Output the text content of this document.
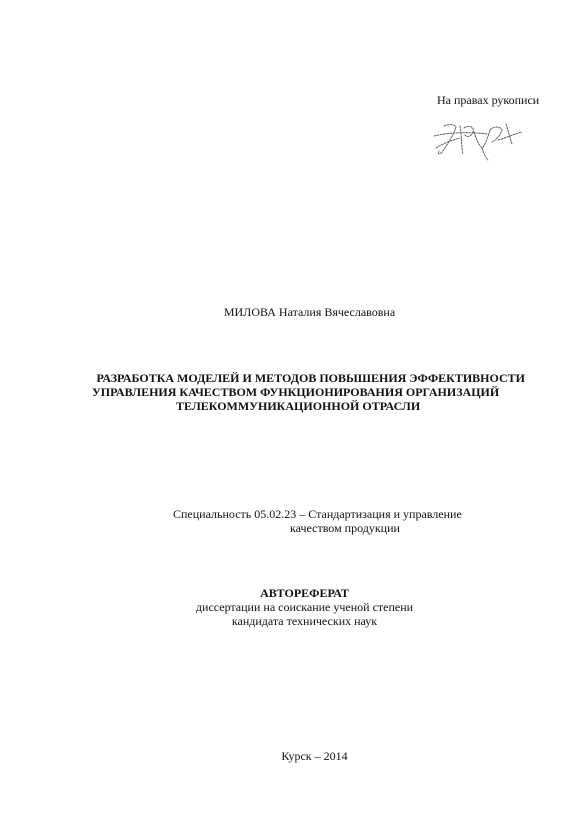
На правах рукописи
МИЛОВА Наталия Вячеславовна
РАЗРАБОТКА МОДЕЛЕЙ И МЕТОДОВ ПОВЫШЕНИЯ ЭФФЕКТИВНОСТИ
УПРАВЛЕНИЯ КАЧЕСТВОМ ФУНКЦИОНИРОВАНИЯ ОРГАНИЗАЦИЙ
ТЕЛЕКОММУНИКАЦИОННОЙ ОТРАСЛИ
Специальность 05.02.23 – Стандартизация и управление
качеством продукции
АВТОРЕФЕРАТ
диссертации на соискание ученой степени
кандидата технических наук
Курск – 2014
